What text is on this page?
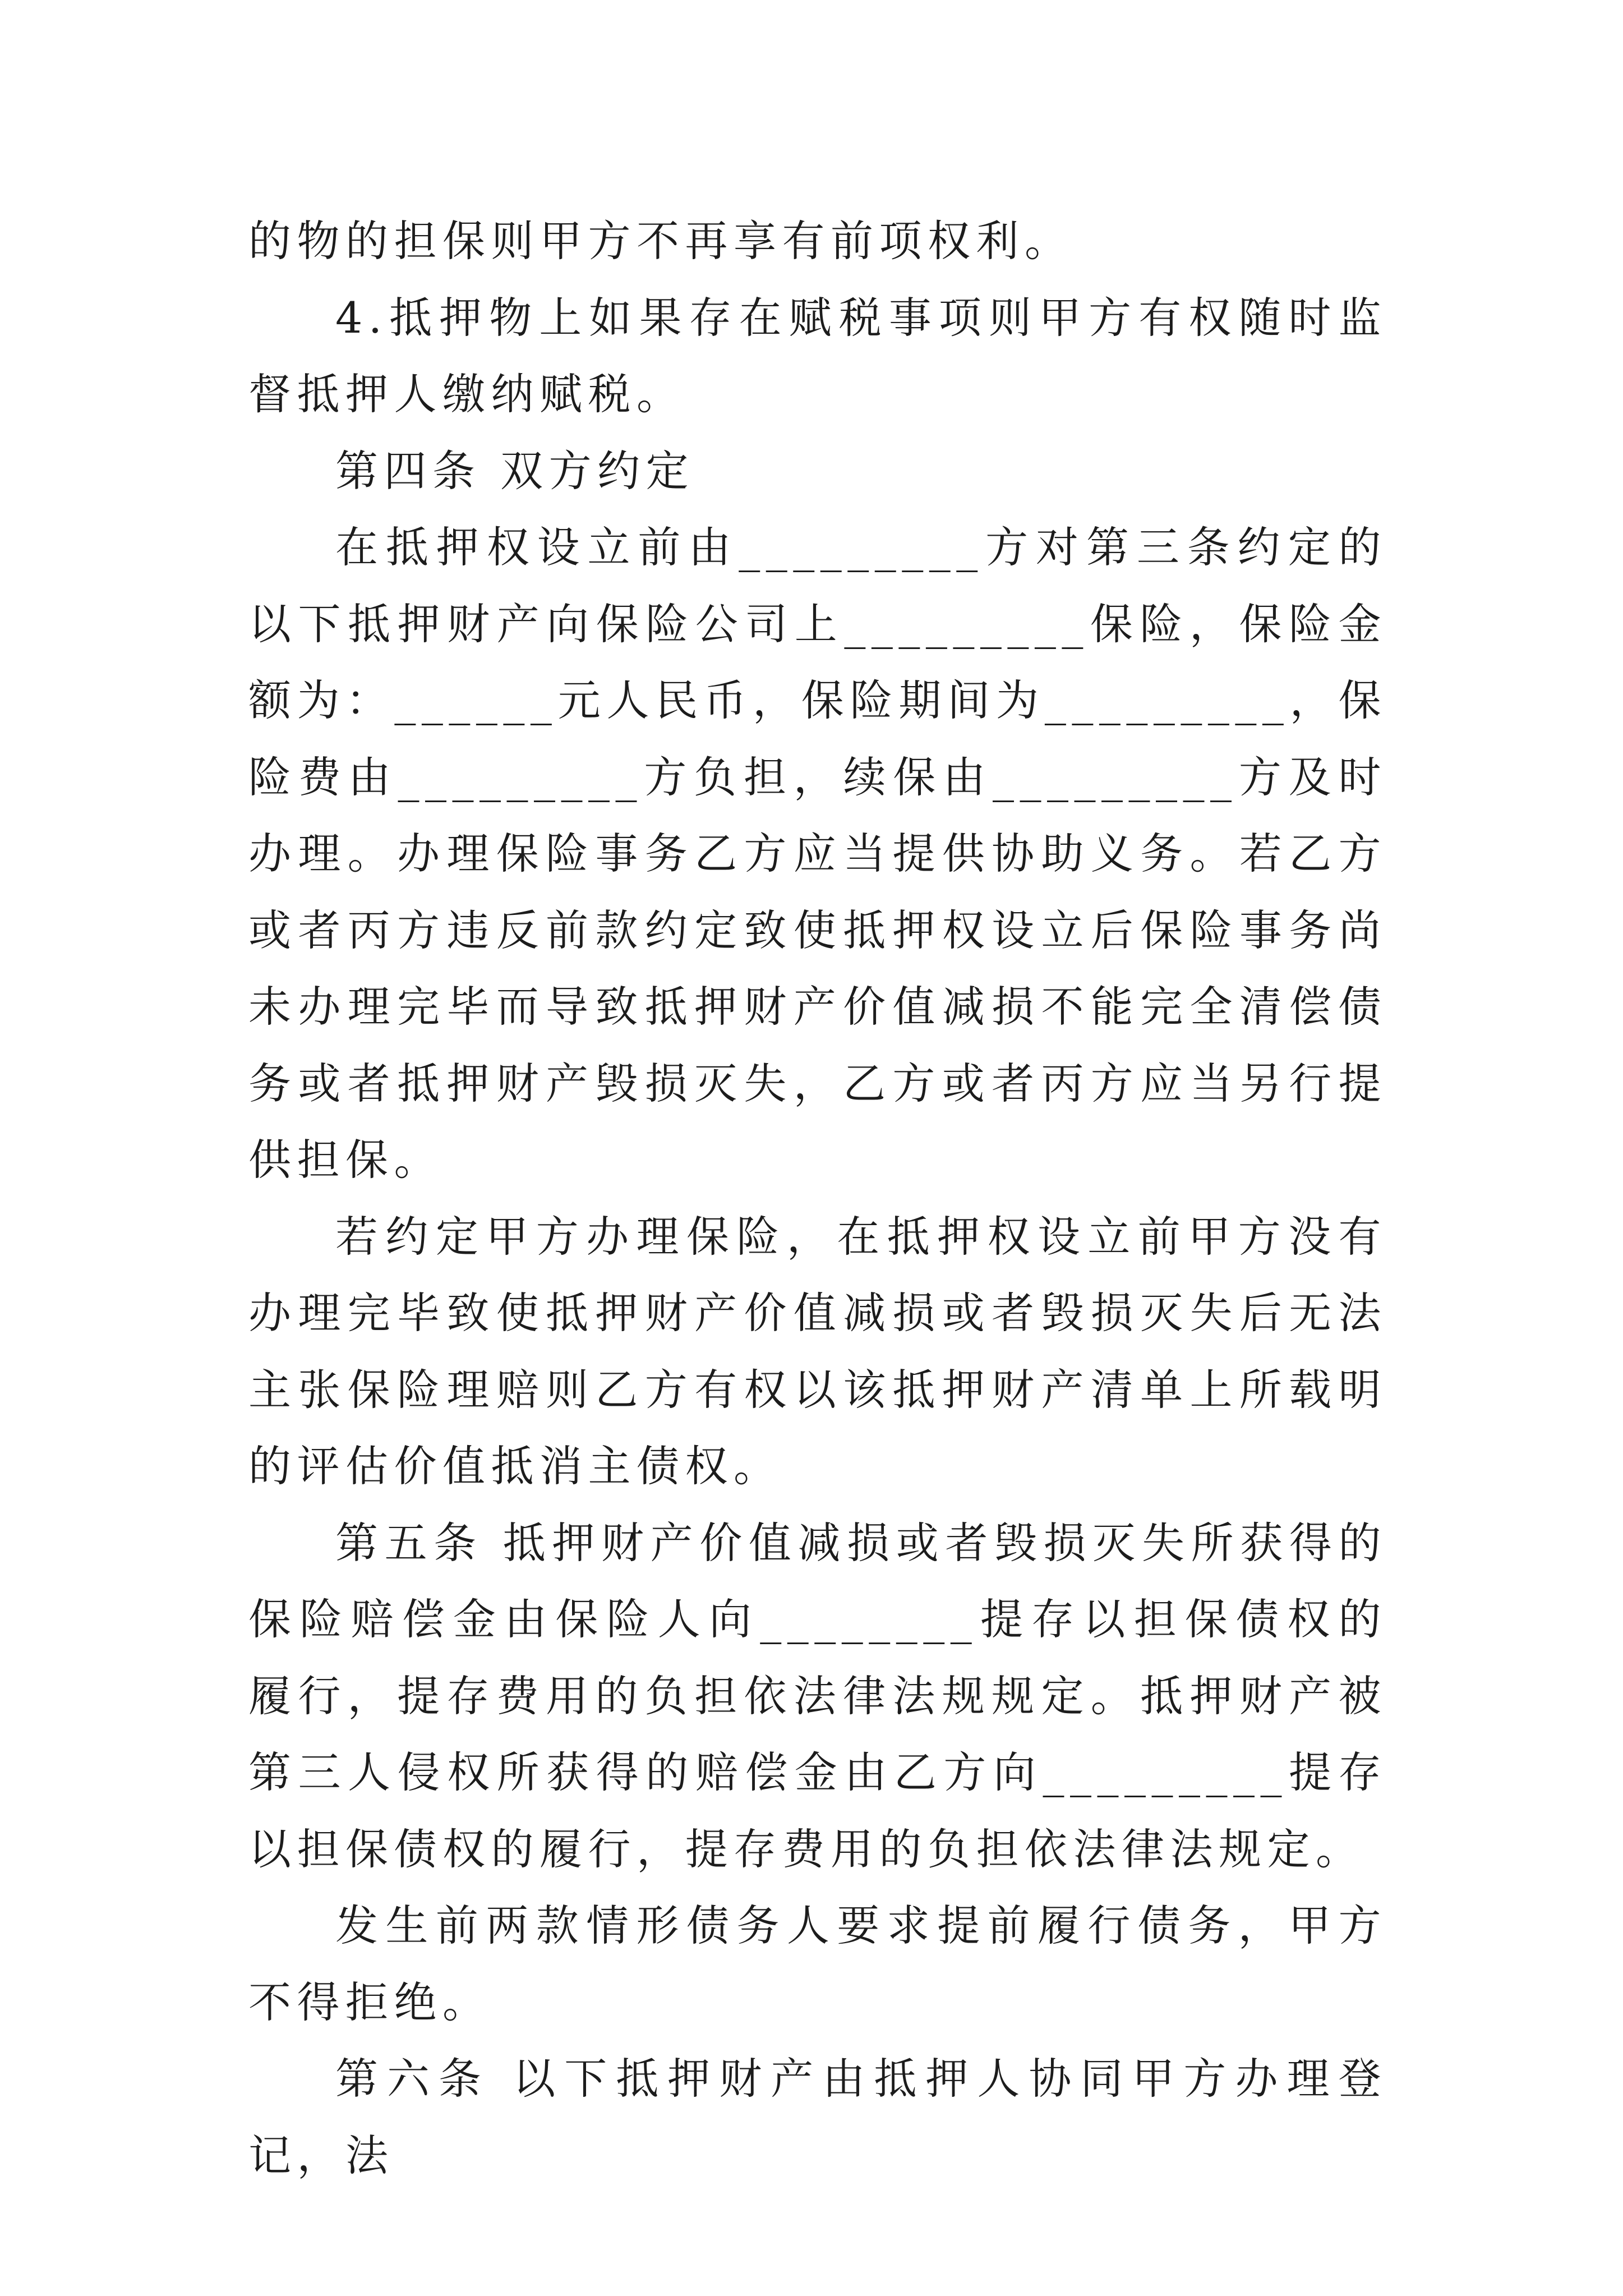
的物的担保则甲方不再享有前项权利。

4.抵押物上如果存在赋税事项则甲方有权随时监督抵押人缴纳赋税。

第四条 双方约定

在抵押权设立前由_________方对第三条约定的以下抵押财产向保险公司上_________保险，保险金额为：______元人民币，保险期间为_________，保险费由_________方负担，续保由_________方及时办理。办理保险事务乙方应当提供协助义务。若乙方或者丙方违反前款约定致使抵押权设立后保险事务尚未办理完毕而导致抵押财产价值减损不能完全清偿债务或者抵押财产毁损灭失，乙方或者丙方应当另行提供担保。

若约定甲方办理保险，在抵押权设立前甲方没有办理完毕致使抵押财产价值减损或者毁损灭失后无法主张保险理赔则乙方有权以该抵押财产清单上所载明的评估价值抵消主债权。

第五条 抵押财产价值减损或者毁损灭失所获得的保险赔偿金由保险人向________提存以担保债权的履行，提存费用的负担依法律法规规定。抵押财产被第三人侵权所获得的赔偿金由乙方向_________提存以担保债权的履行，提存费用的负担依法律法规定。

发生前两款情形债务人要求提前履行债务，甲方不得拒绝。

第六条 以下抵押财产由抵押人协同甲方办理登记，法
